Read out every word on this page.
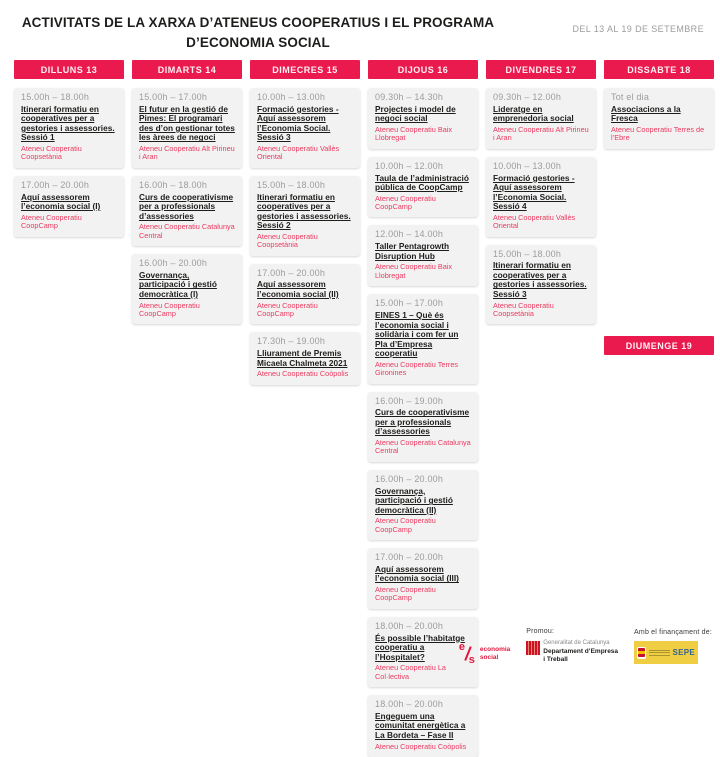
ACTIVITATS DE LA XARXA D’ATENEUS COOPERATIUS I EL PROGRAMA D’ECONOMIA SOCIAL
DEL 13 AL 19 DE SETEMBRE
DILLUNS 13
15.00h – 18.00h
Itinerari formatiu en cooperatives per a gestories i assessories. Sessió 1
Ateneu Cooperatiu Coopsetània
17.00h – 20.00h
Aquí assessorem l’economia social (I)
Ateneu Cooperatiu CoopCamp
DIMARTS 14
15.00h – 17.00h
El futur en la gestió de Pimes: El programari des d’on gestionar totes les àrees de negoci
Ateneu Cooperatiu Alt Pirineu i Aran
16.00h – 18.00h
Curs de cooperativisme per a professionals d’assessories
Ateneu Cooperatiu Catalunya Central
16.00h – 20.00h
Governança, participació i gestió democràtica (I)
Ateneu Cooperatiu CoopCamp
DIMECRES 15
10.00h – 13.00h
Formació gestories - Aquí assessorem l’Economia Social. Sessió 3
Ateneu Cooperatiu Vallès Oriental
15.00h – 18.00h
Itinerari formatiu en cooperatives per a gestories i assessories. Sessió 2
Ateneu Cooperatiu Coopsetània
17.00h – 20.00h
Aquí assessorem l’economia social (II)
Ateneu Cooperatiu CoopCamp
17.30h – 19.00h
Lliurament de Premis Micaela Chalmeta 2021
Ateneu Cooperatiu Coòpolis
DIJOUS 16
09.30h – 14.30h
Projectes i model de negoci social
Ateneu Cooperatiu Baix Llobregat
10.00h – 12.00h
Taula de l’administració pública de CoopCamp
Ateneu Cooperatiu CoopCamp
12.00h – 14.00h
Taller Pentagrowth Disruption Hub
Ateneu Cooperatiu Baix Llobregat
15.00h – 17.00h
EINES 1 – Què és l’economia social i solidària i com fer un Pla d’Empresa cooperatiu
Ateneu Cooperatiu Terres Gironines
16.00h – 19.00h
Curs de cooperativisme per a professionals d’assessories
Ateneu Cooperatiu Catalunya Central
16.00h – 20.00h
Governança, participació i gestió democràtica (II)
Ateneu Cooperatiu CoopCamp
17.00h – 20.00h
Aquí assessorem l’economia social (III)
Ateneu Cooperatiu CoopCamp
18.00h – 20.00h
És possible l’habitatge cooperatiu a l’Hospitalet?
Ateneu Cooperatiu La Col·lectiva
18.00h – 20.00h
Engeguem una comunitat energètica a La Bordeta – Fase II
Ateneu Cooperatiu Coòpolis
DIVENDRES 17
09.30h – 12.00h
Lideratge en emprenedoria social
Ateneu Cooperatiu Alt Pirineu i Aran
10.00h – 13.00h
Formació gestories - Aquí assessorem l’Economia Social. Sessió 4
Ateneu Cooperatiu Vallès Oriental
15.00h – 18.00h
Itinerari formatiu en cooperatives per a gestories i assessories. Sessió 3
Ateneu Cooperatiu Coopsetània
DISSABTE 18
Tot el dia
Associacions a la Fresca
Ateneu Cooperatiu Terres de l’Ebre
DIUMENGE 19
e
s
economia
social
Promou:
Generalitat de Catalunya
Departament d’Empresa
i Treball
Amb el finançament de:
SEPE
